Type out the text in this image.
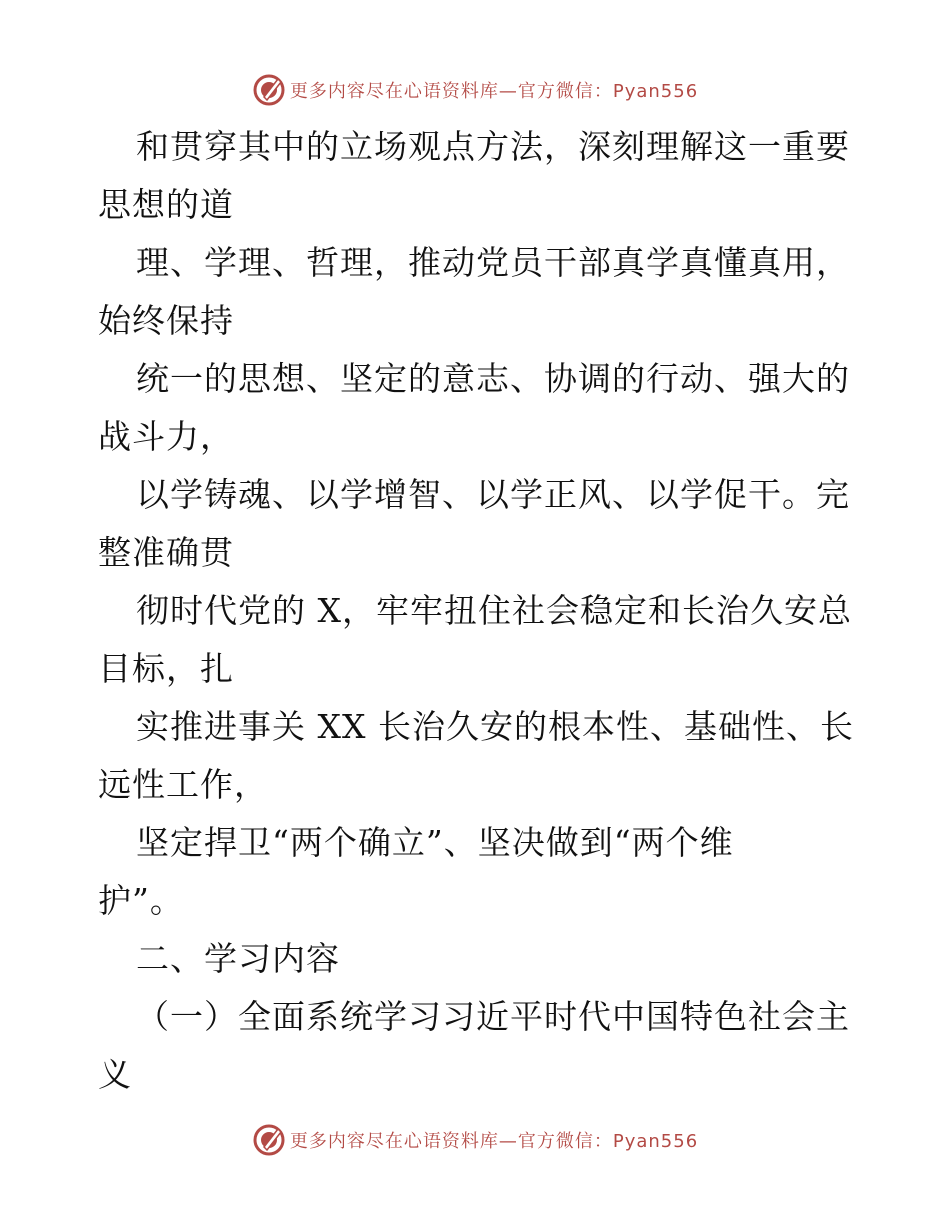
更多内容尽在心语资料库—官方微信：Pyan556
和贯穿其中的立场观点方法，深刻理解这一重要
思想的道
理、学理、哲理，推动党员干部真学真懂真用，
始终保持
统一的思想、坚定的意志、协调的行动、强大的
战斗力，
以学铸魂、以学增智、以学正风、以学促干。完
整准确贯
彻时代党的 X，牢牢扭住社会稳定和长治久安总
目标，扎
实推进事关 XX 长治久安的根本性、基础性、长
远性工作，
坚定捍卫“两个确立”、坚决做到“两个维
护”。
二、学习内容
（一）全面系统学习习近平时代中国特色社会主
义
更多内容尽在心语资料库—官方微信：Pyan556
